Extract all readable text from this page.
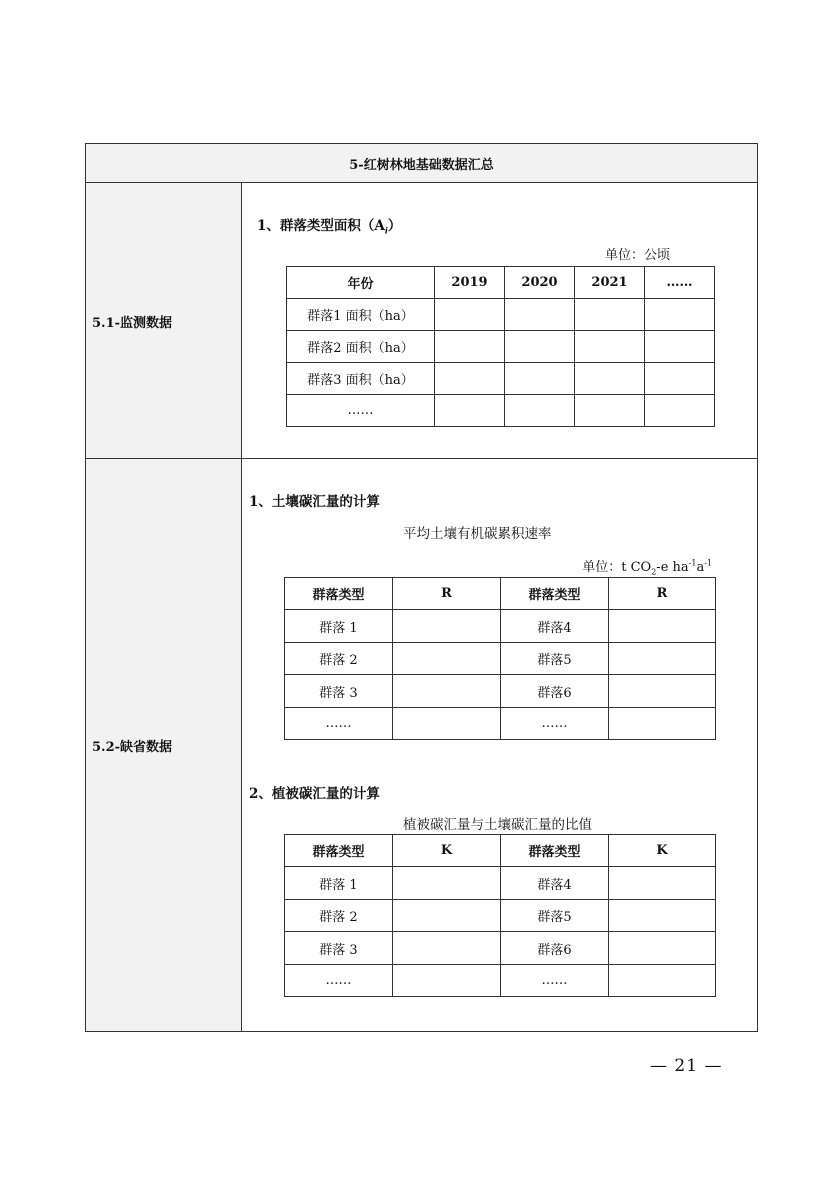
5-红树林地基础数据汇总
5.1-监测数据
5.2-缺省数据
1、群落类型面积$(A_i)$
单位：公顷
年份	2019	2020	2021	……
群落1 面积（ha）				
群落2 面积（ha）				
群落3 面积（ha）				
……				
1、土壤碳汇量的计算
平均土壤有机碳累积速率
单位：t $CO_2-e$ $ha^{-1}a^{-1}$
群落类型	R	群落类型	R
群落 1		群落4	
群落 2		群落5	
群落 3		群落6	
……		……	
2、植被碳汇量的计算
植被碳汇量与土壤碳汇量的比值
群落类型	K	群落类型	K
群落 1		群落4	
群落 2		群落5	
群落 3		群落6	
……		……	
— 21 —
